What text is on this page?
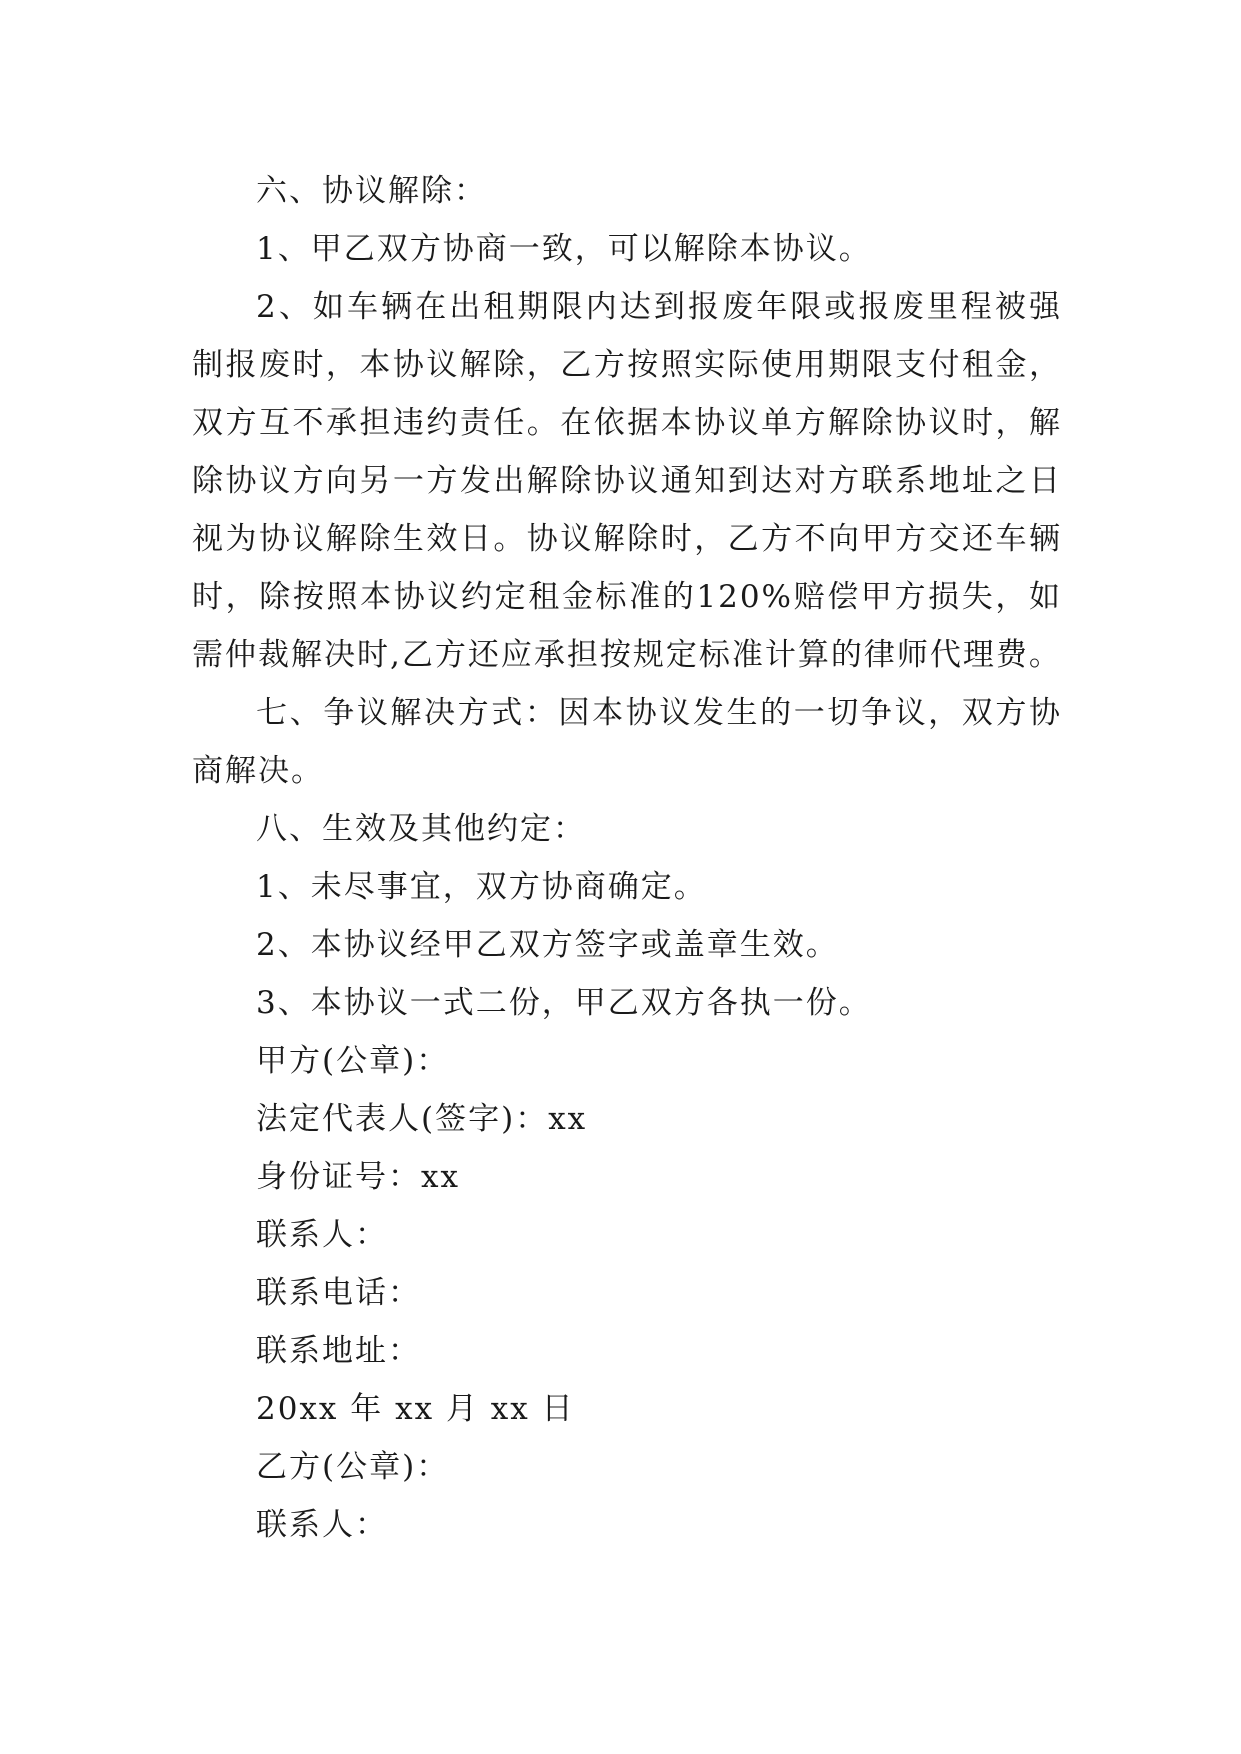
六、协议解除：

1、甲乙双方协商一致，可以解除本协议。

2、如车辆在出租期限内达到报废年限或报废里程被强制报废时，本协议解除，乙方按照实际使用期限支付租金，双方互不承担违约责任。在依据本协议单方解除协议时，解除协议方向另一方发出解除协议通知到达对方联系地址之日视为协议解除生效日。协议解除时，乙方不向甲方交还车辆时，除按照本协议约定租金标准的120%赔偿甲方损失，如需仲裁解决时,乙方还应承担按规定标准计算的律师代理费。

七、争议解决方式：因本协议发生的一切争议，双方协商解决。

八、生效及其他约定：

1、未尽事宜，双方协商确定。

2、本协议经甲乙双方签字或盖章生效。

3、本协议一式二份，甲乙双方各执一份。

甲方(公章)：

法定代表人(签字)：xx

身份证号：xx

联系人：

联系电话：

联系地址：

20xx 年 xx 月 xx 日

乙方(公章)：

联系人：
